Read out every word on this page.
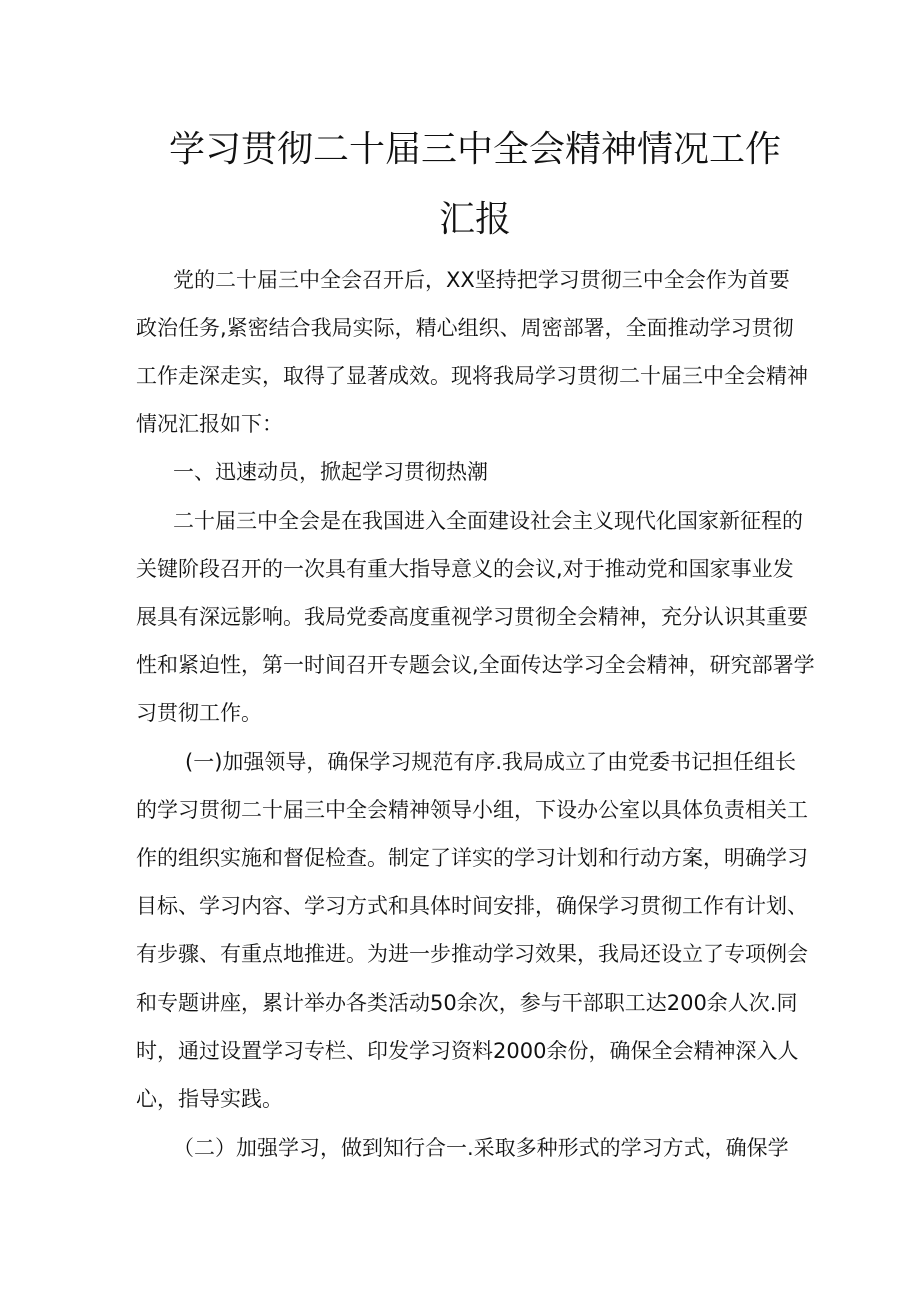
学习贯彻二十届三中全会精神情况工作
汇报
党的二十届三中全会召开后，XX坚持把学习贯彻三中全会作为首要
政治任务,紧密结合我局实际，精心组织、周密部署，全面推动学习贯彻
工作走深走实，取得了显著成效。现将我局学习贯彻二十届三中全会精神
情况汇报如下：
一、迅速动员，掀起学习贯彻热潮
二十届三中全会是在我国进入全面建设社会主义现代化国家新征程的
关键阶段召开的一次具有重大指导意义的会议,对于推动党和国家事业发
展具有深远影响。我局党委高度重视学习贯彻全会精神，充分认识其重要
性和紧迫性，第一时间召开专题会议,全面传达学习全会精神，研究部署学
习贯彻工作。
(一)加强领导，确保学习规范有序.我局成立了由党委书记担任组长
的学习贯彻二十届三中全会精神领导小组，下设办公室以具体负责相关工
作的组织实施和督促检查。制定了详实的学习计划和行动方案，明确学习
目标、学习内容、学习方式和具体时间安排，确保学习贯彻工作有计划、
有步骤、有重点地推进。为进一步推动学习效果，我局还设立了专项例会
和专题讲座，累计举办各类活动50余次，参与干部职工达200余人次.同
时，通过设置学习专栏、印发学习资料2000余份，确保全会精神深入人
心，指导实践。
（二）加强学习，做到知行合一.采取多种形式的学习方式，确保学
